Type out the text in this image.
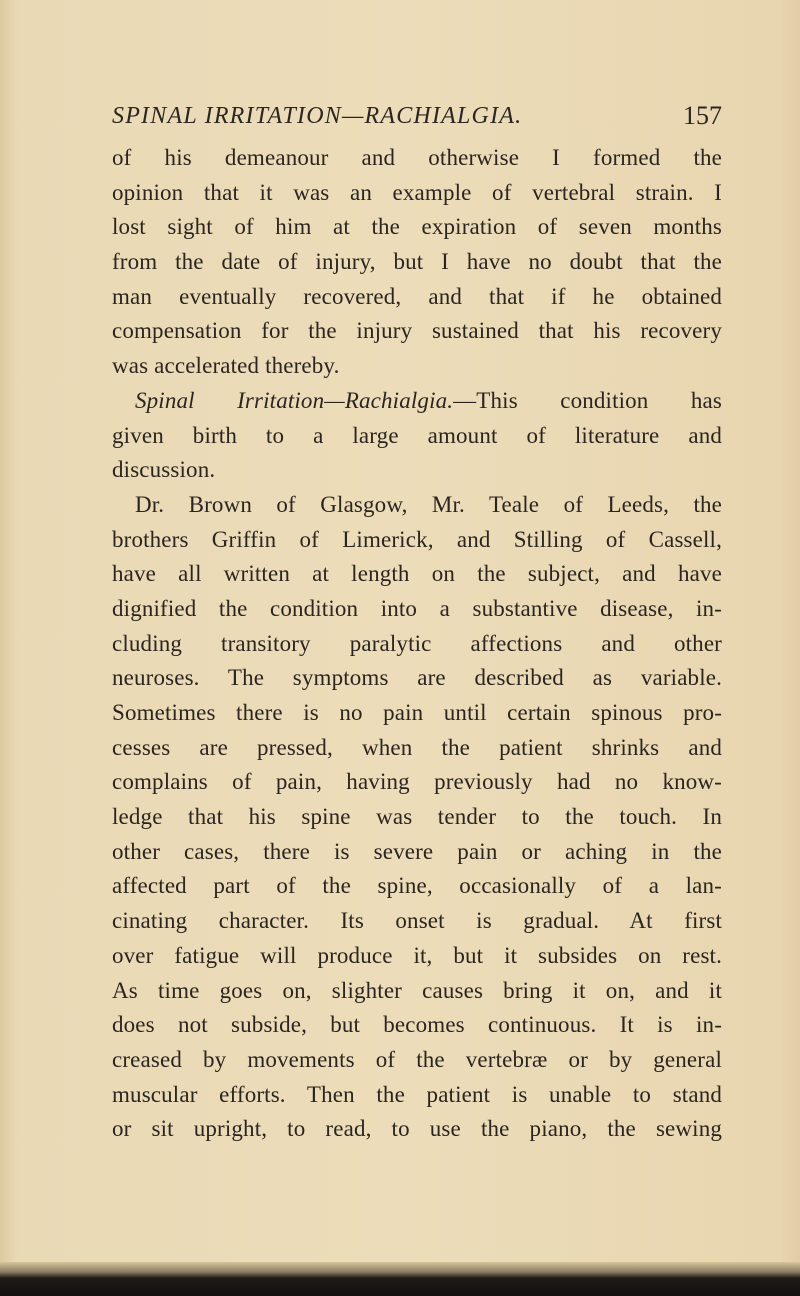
SPINAL IRRITATION—RACHIALGIA.	157
of his demeanour and otherwise I formed the
opinion that it was an example of vertebral strain. I
lost sight of him at the expiration of seven months
from the date of injury, but I have no doubt that the
man eventually recovered, and that if he obtained
compensation for the injury sustained that his recovery
was accelerated thereby.
Spinal Irritation—Rachialgia.—This condition has
given birth to a large amount of literature and
discussion.
Dr. Brown of Glasgow, Mr. Teale of Leeds, the
brothers Griffin of Limerick, and Stilling of Cassell,
have all written at length on the subject, and have
dignified the condition into a substantive disease, in-
cluding transitory paralytic affections and other
neuroses. The symptoms are described as variable.
Sometimes there is no pain until certain spinous pro-
cesses are pressed, when the patient shrinks and
complains of pain, having previously had no know-
ledge that his spine was tender to the touch. In
other cases, there is severe pain or aching in the
affected part of the spine, occasionally of a lan-
cinating character. Its onset is gradual. At first
over fatigue will produce it, but it subsides on rest.
As time goes on, slighter causes bring it on, and it
does not subside, but becomes continuous. It is in-
creased by movements of the vertebræ or by general
muscular efforts. Then the patient is unable to stand
or sit upright, to read, to use the piano, the sewing
